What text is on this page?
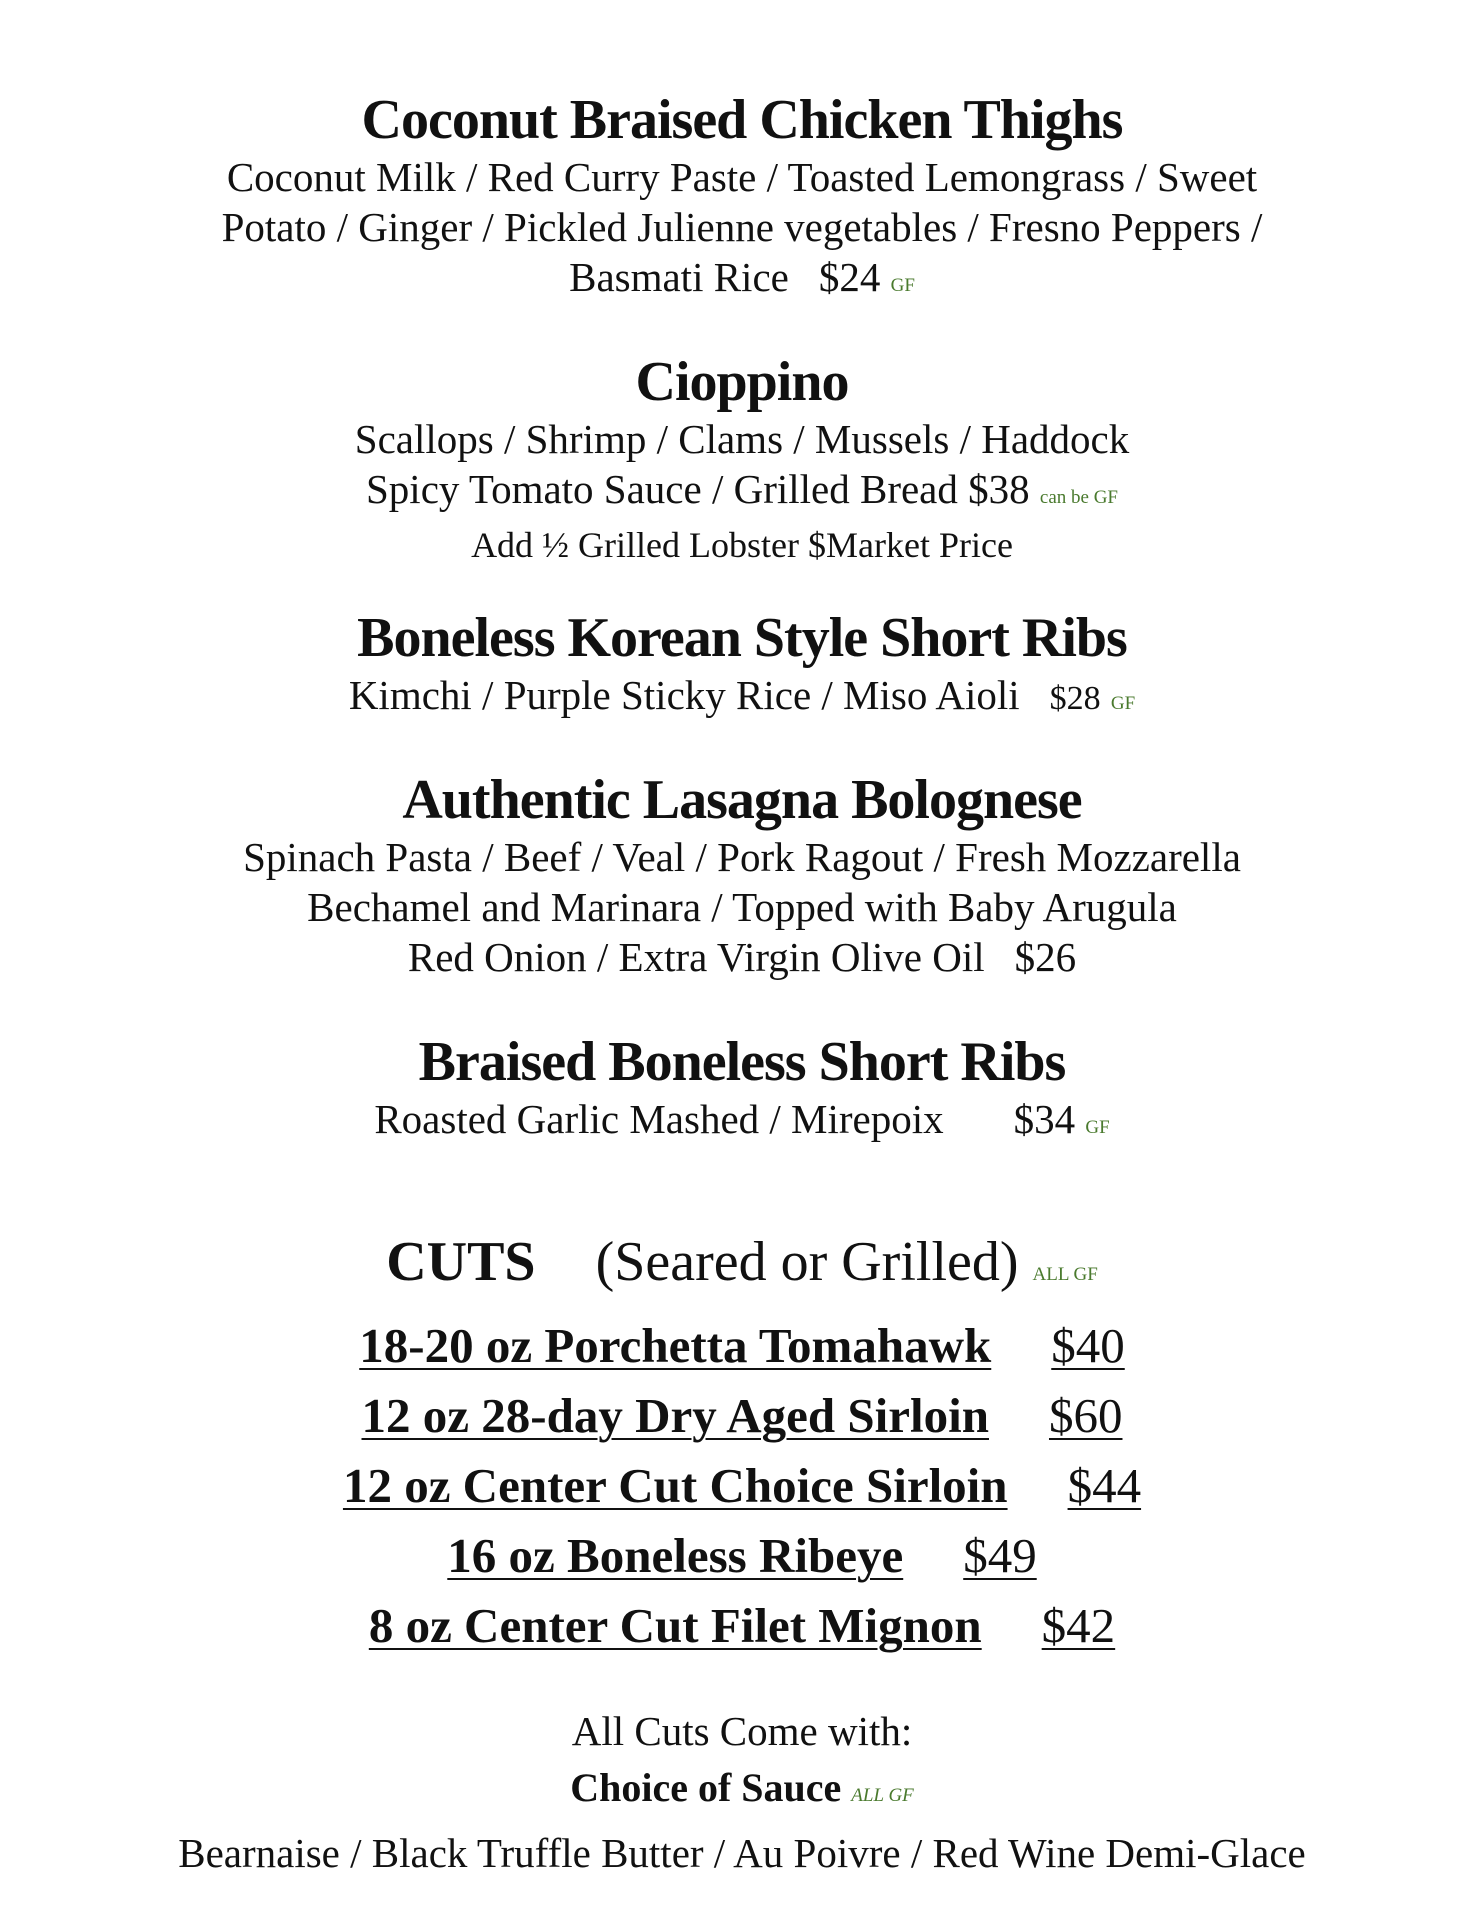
Coconut Braised Chicken Thighs
Coconut Milk / Red Curry Paste / Toasted Lemongrass / Sweet
Potato / Ginger / Pickled Julienne vegetables / Fresno Peppers /
Basmati Rice $24 GF
Cioppino
Scallops / Shrimp / Clams / Mussels / Haddock
Spicy Tomato Sauce / Grilled Bread $38 can be GF
Add ½ Grilled Lobster $Market Price
Boneless Korean Style Short Ribs
Kimchi / Purple Sticky Rice / Miso Aioli $28 GF
Authentic Lasagna Bolognese
Spinach Pasta / Beef / Veal / Pork Ragout / Fresh Mozzarella
Bechamel and Marinara / Topped with Baby Arugula
Red Onion / Extra Virgin Olive Oil $26
Braised Boneless Short Ribs
Roasted Garlic Mashed / Mirepoix $34 GF
CUTS (Seared or Grilled) ALL GF
18-20 oz Porchetta Tomahawk $40
12 oz 28-day Dry Aged Sirloin $60
12 oz Center Cut Choice Sirloin $44
16 oz Boneless Ribeye $49
8 oz Center Cut Filet Mignon $42
All Cuts Come with:
Choice of Sauce ALL GF
Bearnaise / Black Truffle Butter / Au Poivre / Red Wine Demi-Glace
